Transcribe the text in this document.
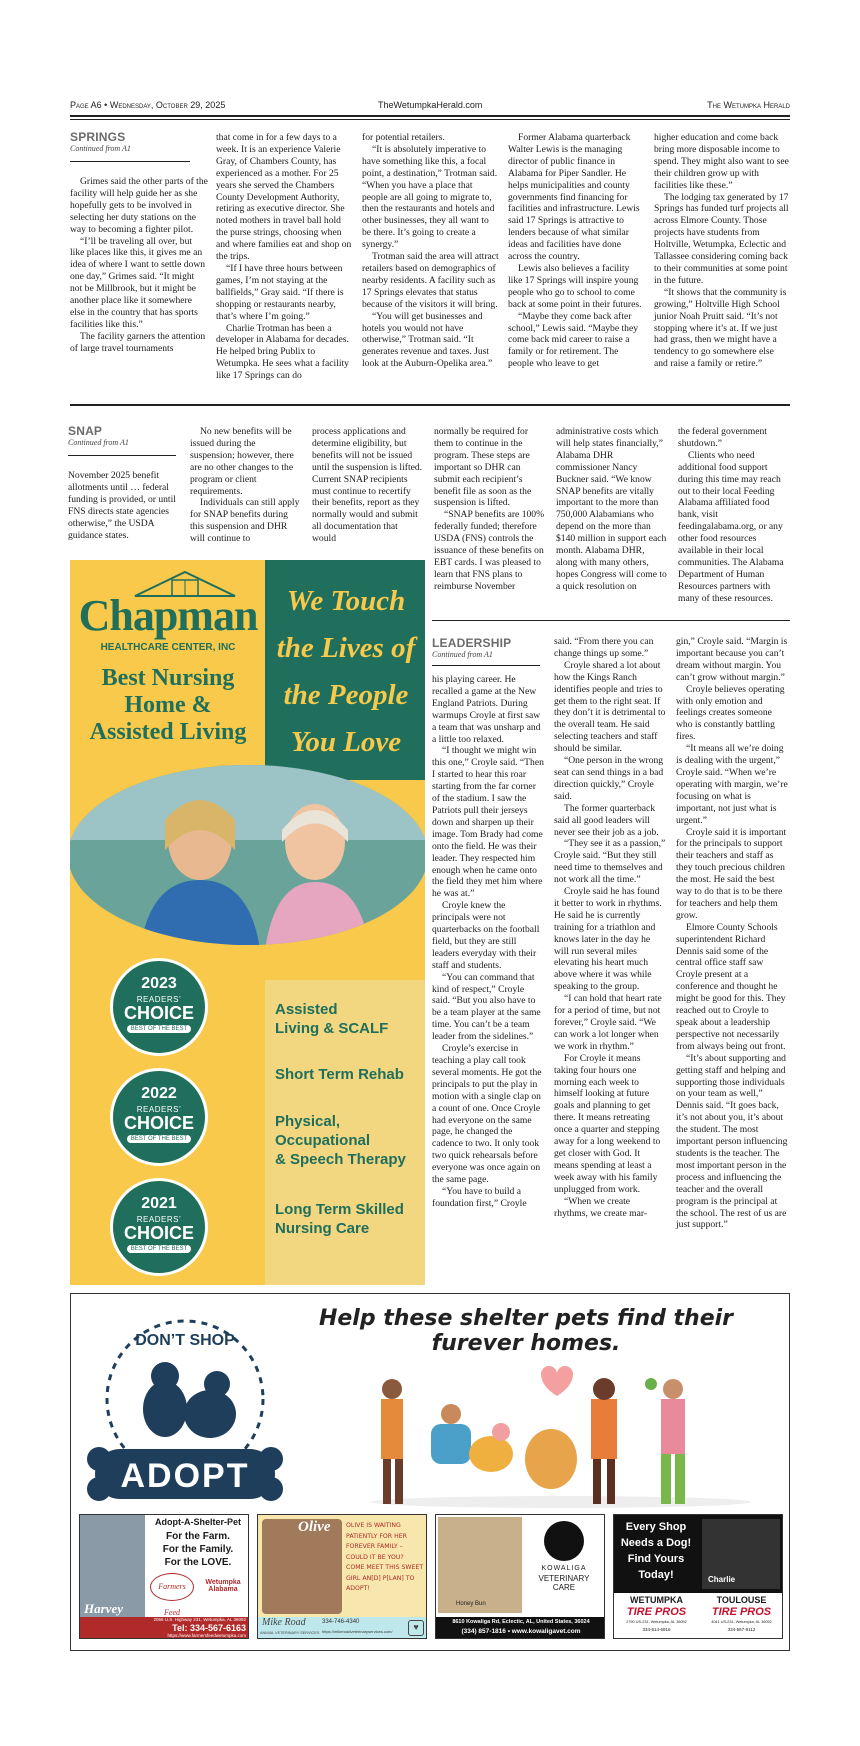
Page A6 • Wednesday, October 29, 2025	TheWetumpkaHerald.com	The Wetumpka Herald
SPRINGS
Continued from A1

Grimes said the other parts of the facility will help guide her as she hopefully gets to be involved in selecting her duty stations on the way to becoming a fighter pilot.

“I’ll be traveling all over, but like places like this, it gives me an idea of where I want to settle down one day,” Grimes said. “It might not be Millbrook, but it might be another place like it somewhere else in the country that has sports facilities like this.”

The facility garners the attention of large travel tournaments

that come in for a few days to a week. It is an experience Valerie Gray, of Chambers County, has experienced as a mother. For 25 years she served the Chambers County Development Authority, retiring as executive director. She noted mothers in travel ball hold the purse strings, choosing when and where families eat and shop on the trips.

“If I have three hours between games, I’m not staying at the ballfields,” Gray said. “If there is shopping or restaurants nearby, that’s where I’m going.”

Charlie Trotman has been a developer in Alabama for decades. He helped bring Publix to Wetumpka. He sees what a facility like 17 Springs can do

for potential retailers.

“It is absolutely imperative to have something like this, a focal point, a destination,” Trotman said. “When you have a place that people are all going to migrate to, then the restaurants and hotels and other businesses, they all want to be there. It’s going to create a synergy.”

Trotman said the area will attract retailers based on demographics of nearby residents. A facility such as 17 Springs elevates that status because of the visitors it will bring.

“You will get businesses and hotels you would not have otherwise,” Trotman said. “It generates revenue and taxes. Just look at the Auburn-Opelika area.”

Former Alabama quarterback Walter Lewis is the managing director of public finance in Alabama for Piper Sandler. He helps municipalities and county governments find financing for facilities and infrastructure. Lewis said 17 Springs is attractive to lenders because of what similar ideas and facilities have done across the country.

Lewis also believes a facility like 17 Springs will inspire young people who go to school to come back at some point in their futures.

“Maybe they come back after school,” Lewis said. “Maybe they come back mid career to raise a family or for retirement. The people who leave to get

higher education and come back bring more disposable income to spend. They might also want to see their children grow up with facilities like these.”

The lodging tax generated by 17 Springs has funded turf projects all across Elmore County. Those projects have students from Holtville, Wetumpka, Eclectic and Tallassee considering coming back to their communities at some point in the future.

“It shows that the community is growing,” Holtville High School junior Noah Pruitt said. “It’s not stopping where it’s at. If we just had grass, then we might have a tendency to go somewhere else and raise a family or retire.”

SNAP
Continued from A1

November 2025 benefit allotments until … federal funding is provided, or until FNS directs state agencies otherwise,” the USDA guidance states.

No new benefits will be issued during the suspension; however, there are no other changes to the program or client requirements.

Individuals can still apply for SNAP benefits during this suspension and DHR will continue to

process applications and determine eligibility, but benefits will not be issued until the suspension is lifted. Current SNAP recipients must continue to recertify their benefits, report as they normally would and submit all documentation that would

normally be required for them to continue in the program. These steps are important so DHR can submit each recipient’s benefit file as soon as the suspension is lifted.

“SNAP benefits are 100% federally funded; therefore USDA (FNS) controls the issuance of these benefits on EBT cards. I was pleased to learn that FNS plans to reimburse November

administrative costs which will help states financially,” Alabama DHR commissioner Nancy Buckner said. “We know SNAP benefits are vitally important to the more than 750,000 Alabamians who depend on the more than $140 million in support each month. Alabama DHR, along with many others, hopes Congress will come to a quick resolution on

the federal government shutdown.”

Clients who need additional food support during this time may reach out to their local Feeding Alabama affiliated food bank, visit feedingalabama.org, or any other food resources available in their local communities. The Alabama Department of Human Resources partners with many of these resources.

Chapman
HEALTHCARE CENTER, INC
Best Nursing
Home &
Assisted Living
We Touch
the Lives of
the People
You Love
2023
READERS’
CHOICE
BEST OF THE BEST
2022
READERS’
CHOICE
BEST OF THE BEST
2021
READERS’
CHOICE
BEST OF THE BEST
Assisted
Living & SCALF
Short Term Rehab
Physical,
Occupational
& Speech Therapy
Long Term Skilled
Nursing Care
LEADERSHIP
Continued from A1

his playing career. He recalled a game at the New England Patriots. During warmups Croyle at first saw a team that was unsharp and a little too relaxed.

“I thought we might win this one,” Croyle said. “Then I started to hear this roar starting from the far corner of the stadium. I saw the Patriots pull their jerseys down and sharpen up their image. Tom Brady had come onto the field. He was their leader. They respected him enough when he came onto the field they met him where he was at.”

Croyle knew the principals were not quarterbacks on the football field, but they are still leaders everyday with their staff and students.

“You can command that kind of respect,” Croyle said. “But you also have to be a team player at the same time. You can’t be a team leader from the sidelines.”

Croyle’s exercise in teaching a play call took several moments. He got the principals to put the play in motion with a single clap on a count of one. Once Croyle had everyone on the same page, he changed the cadence to two. It only took two quick rehearsals before everyone was once again on the same page.

“You have to build a foundation first,” Croyle

said. “From there you can change things up some.”

Croyle shared a lot about how the Kings Ranch identifies people and tries to get them to the right seat. If they don’t it is detrimental to the overall team. He said selecting teachers and staff should be similar.

“One person in the wrong seat can send things in a bad direction quickly,” Croyle said.

The former quarterback said all good leaders will never see their job as a job.

“They see it as a passion,” Croyle said. “But they still need time to themselves and not work all the time.”

Croyle said he has found it better to work in rhythms. He said he is currently training for a triathlon and knows later in the day he will run several miles elevating his heart much above where it was while speaking to the group.

“I can hold that heart rate for a period of time, but not forever,” Croyle said. “We can work a lot longer when we work in rhythm.”

For Croyle it means taking four hours one morning each week to himself looking at future goals and planning to get there. It means retreating once a quarter and stepping away for a long weekend to get closer with God. It means spending at least a week away with his family unplugged from work.

“When we create rhythms, we create mar-

gin,” Croyle said. “Margin is important because you can’t dream without margin. You can’t grow without margin.”

Croyle believes operating with only emotion and feelings creates someone who is constantly battling fires.

“It means all we’re doing is dealing with the urgent,” Croyle said. “When we’re operating with margin, we’re focusing on what is important, not just what is urgent.”

Croyle said it is important for the principals to support their teachers and staff as they touch precious children the most. He said the best way to do that is to be there for teachers and help them grow.

Elmore County Schools superintendent Richard Dennis said some of the central office staff saw Croyle present at a conference and thought he might be good for this. They reached out to Croyle to speak about a leadership perspective not necessarily from always being out front.

“It’s about supporting and getting staff and helping and supporting those individuals on your team as well,” Dennis said. “It goes back, it’s not about you, it’s about the student. The most important person influencing students is the teacher. The most important person in the process and influencing the teacher and the overall program is the principal at the school. The rest of us are just support.”

Help these shelter pets find their furever homes.
DON’T SHOP
ADOPT
Harvey
Adopt-A-Shelter-Pet
For the Farm.
For the Family.
For the LOVE.
Farmers Feed
Wetumpka Alabama
2056 U.S. Highway 231, Wetumpka, AL 36092
Tel: 334-567-6163
https://www.farmersfeedwetumpka.com
Olive	OLIVE IS WAITING PATIENTLY FOR HER FOREVER FAMILY – COULD IT BE YOU? COME MEET THIS SWEET GIRL AN[D] P[LAN] TO ADOPT!
Mike Road
ANIMAL VETERINARY SERVICES
334-746-4340
https://mikeroadveterinaryservices.com/	♥
Honey Bun
KOWALIGA
VETERINARY CARE
8610 Kowaliga Rd, Eclectic, AL, United States, 36024
(334) 857-1816 • www.kowaligavet.com
Every Shop
Needs a Dog!
Find Yours
Today!	Charlie
WETUMPKA
TIRE PROS
2790 US-231, Wetumpka, AL 36092
334-514-6916
TOULOUSE
TIRE PROS
4041 US-231, Wetumpka, AL 36092
334-567-9112
